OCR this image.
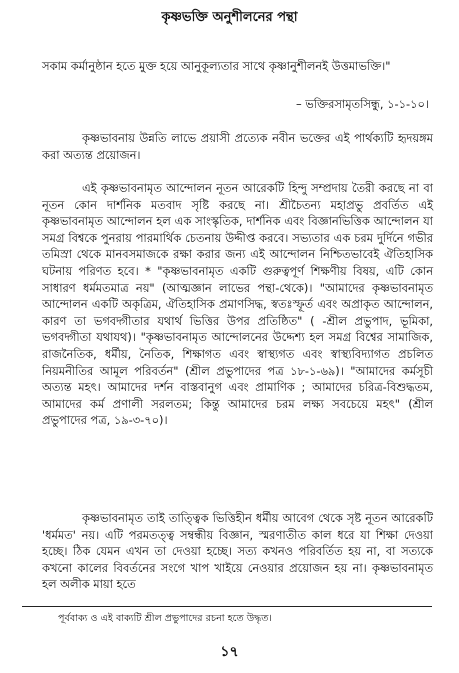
কৃষ্ণভক্তি অনুশীলনের পন্থা

সকাম কর্মানুষ্ঠান হতে মুক্ত হয়ে আনুকূল্যতার সাথে কৃষ্ণানুশীলনই উত্তমাভক্তি।"

– ভক্তিরসামৃতসিন্ধু, ১-১-১০।
কৃষ্ণভাবনায় উন্নতি লাভে প্রয়াসী প্রত্যেক নবীন ভক্তের এই পার্থক্যটি হৃদয়ঙ্গম করা অত্যন্ত প্রয়োজন।
এই কৃষ্ণভাবনামৃত আন্দোলন নূতন আরেকটি হিন্দু সম্প্রদায় তৈরী করছে না বা নূতন কোন দার্শনিক মতবাদ সৃষ্টি করছে না। শ্রীচৈতন্য মহাপ্রভু প্রবর্তিত এই কৃষ্ণভাবনামৃত আন্দোলন হল এক সাংস্কৃতিক, দার্শনিক এবং বিজ্ঞানভিত্তিক আন্দোলন যা সমগ্র বিশ্বকে পুনরায় পারমার্থিক চেতনায় উদ্দীপ্ত করবে। সভ্যতার এক চরম দুর্দিনে গভীর তমিস্রা থেকে মানবসমাজকে রক্ষা করার জন্য এই আন্দোলন নিশ্চিতভাবেই ঐতিহাসিক ঘটনায় পরিণত হবে। * "কৃষ্ণভাবনামৃত একটি গুরুত্বপূর্ণ শিক্ষণীয় বিষয়, এটি কোন সাধারণ ধর্মমতমাত্র নয়" (আত্মজ্ঞান লাভের পন্থা-থেকে)। "আমাদের কৃষ্ণভাবনামৃত আন্দোলন একটি অকৃত্রিম, ঐতিহাসিক প্রমাণসিদ্ধ, স্বতঃস্ফূর্ত এবং অপ্রাকৃত আন্দোলন, কারণ তা ভগবদ্গীতার যথার্থ ভিত্তির উপর প্রতিষ্ঠিত" ( -শ্রীল প্রভুপাদ, ভূমিকা, ভগবদ্গীতা যথাযথ)। "কৃষ্ণভাবনামৃত আন্দোলনের উদ্দেশ্য হল সমগ্র বিশ্বের সামাজিক, রাজনৈতিক, ধর্মীয়, নৈতিক, শিক্ষাগত এবং স্বাস্থ্যগত এবং স্বাস্থ্যবিদ্যাগত প্রচলিত নিয়মনীতির আমূল পরিবর্তন" (শ্রীল প্রভুপাদের পত্র ১৮-১-৬৯)। "আমাদের কর্মসূচী অত্যন্ত মহৎ। আমাদের দর্শন বাস্তবানুগ এবং প্রামাণিক ; আমাদের চরিত্র-বিশুদ্ধতম, আমাদের কর্ম প্রণালী সরলতম; কিন্তু আমাদের চরম লক্ষ্য সবচেয়ে মহৎ" (শ্রীল প্রভুপাদের পত্র, ১৯-৩-৭০)।
কৃষ্ণভাবনামৃত তাই তাত্ত্বিক ভিত্তিহীন ধর্মীয় আবেগ থেকে সৃষ্ট নূতন আরেকটি 'ধর্মমত' নয়। এটি পরমতত্ত্ব সম্বন্ধীয় বিজ্ঞান, স্মরণাতীত কাল ধরে যা শিক্ষা দেওয়া হচ্ছে। ঠিক যেমন এখন তা দেওয়া হচ্ছে। সত্য কখনও পরিবর্তিত হয় না, বা সত্যকে কখনো কালের বিবর্তনের সংগে খাপ খাইয়ে নেওয়ার প্রয়োজন হয় না। কৃষ্ণভাবনামৃত হল অলীক মায়া হতে
পূর্ববাক্য ও এই বাক্যটি শ্রীল প্রভুপাদের রচনা হতে উদ্ধৃত।
১৭
